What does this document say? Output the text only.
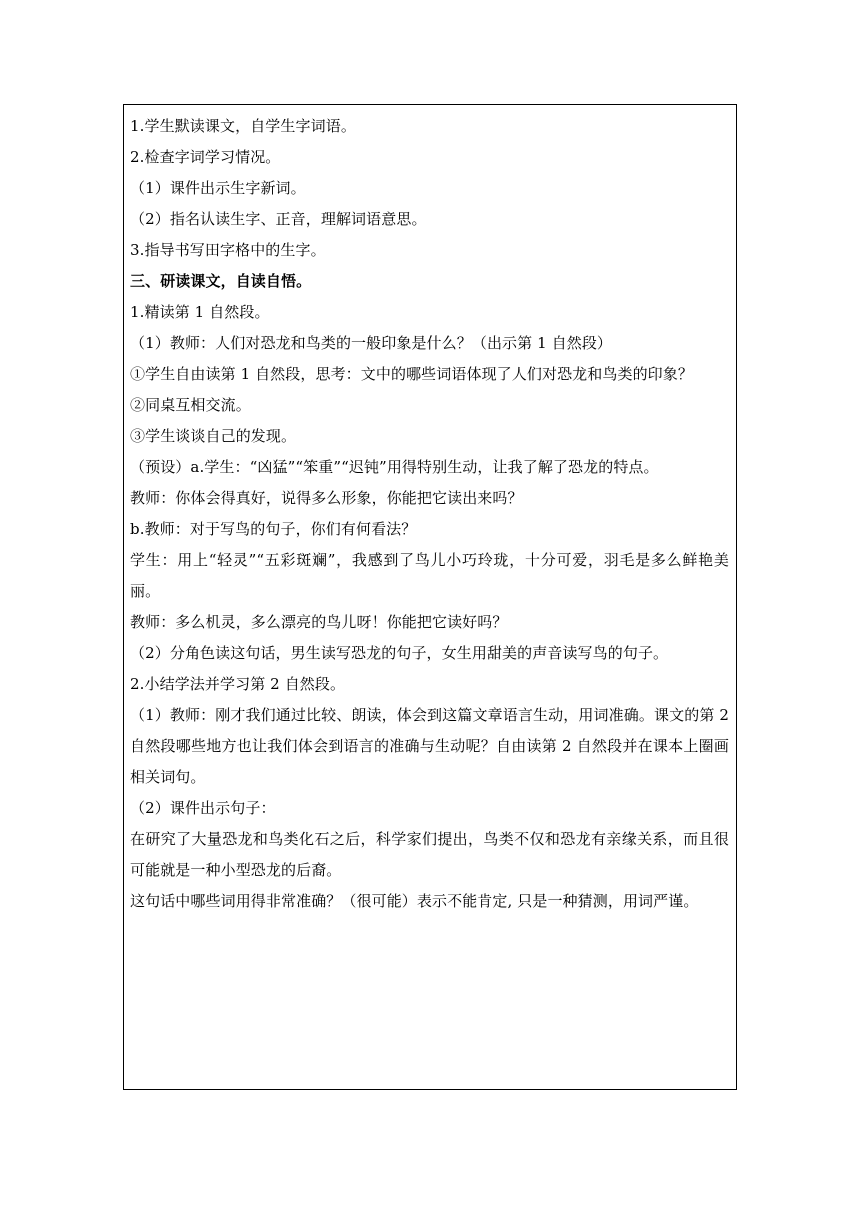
1.学生默读课文，自学生字词语。

2.检查字词学习情况。

（1）课件出示生字新词。

（2）指名认读生字、正音，理解词语意思。

3.指导书写田字格中的生字。

三、研读课文，自读自悟。

1.精读第 1 自然段。

（1）教师：人们对恐龙和鸟类的一般印象是什么？（出示第 1 自然段）

①学生自由读第 1 自然段，思考：文中的哪些词语体现了人们对恐龙和鸟类的印象？

②同桌互相交流。

③学生谈谈自己的发现。

（预设）a.学生：“凶猛”“笨重”“迟钝”用得特别生动，让我了解了恐龙的特点。

教师：你体会得真好，说得多么形象，你能把它读出来吗？

b.教师：对于写鸟的句子，你们有何看法？

学生：用上“轻灵”“五彩斑斓”，我感到了鸟儿小巧玲珑，十分可爱，羽毛是多么鲜艳美丽。

教师：多么机灵，多么漂亮的鸟儿呀！你能把它读好吗？

（2）分角色读这句话，男生读写恐龙的句子，女生用甜美的声音读写鸟的句子。

2.小结学法并学习第 2 自然段。

（1）教师：刚才我们通过比较、朗读，体会到这篇文章语言生动，用词准确。课文的第 2 自然段哪些地方也让我们体会到语言的准确与生动呢？自由读第 2 自然段并在课本上圈画相关词句。

（2）课件出示句子：

在研究了大量恐龙和鸟类化石之后，科学家们提出，鸟类不仅和恐龙有亲缘关系，而且很可能就是一种小型恐龙的后裔。

这句话中哪些词用得非常准确？（很可能）表示不能肯定, 只是一种猜测，用词严谨。
